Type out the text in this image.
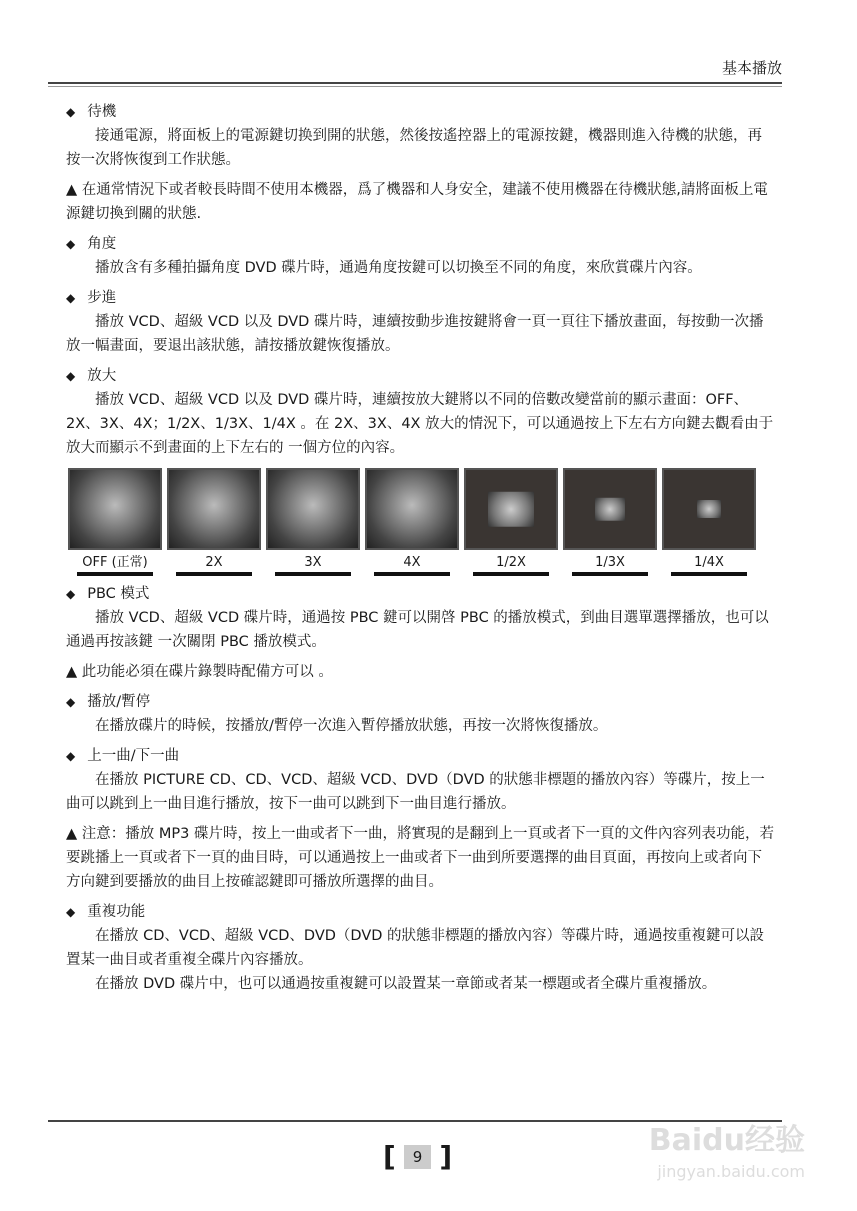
基本播放
◆ 待機
接通電源，將面板上的電源鍵切换到開的狀態，然後按遙控器上的電源按鍵，機器則進入待機的狀態，再按一次將恢復到工作狀態。
▲ 在通常情況下或者較長時間不使用本機器，爲了機器和人身安全，建議不使用機器在待機狀態,請將面板上電源鍵切換到關的狀態.
◆ 角度
播放含有多種拍攝角度 DVD 碟片時，通過角度按鍵可以切換至不同的角度，來欣賞碟片內容。
◆ 步進
播放 VCD、超級 VCD 以及 DVD 碟片時，連續按動步進按鍵將會一頁一頁往下播放畫面，每按動一次播放一幅畫面，要退出該狀態，請按播放鍵恢復播放。
◆ 放大
播放 VCD、超級 VCD 以及 DVD 碟片時，連續按放大鍵將以不同的倍數改變當前的顯示畫面：OFF、2X、3X、4X；1/2X、1/3X、1/4X 。在 2X、3X、4X 放大的情況下，可以通過按上下左右方向鍵去觀看由于放大而顯示不到畫面的上下左右的 一個方位的內容。
OFF (正常)	2X	3X	4X	1/2X	1/3X	1/4X
◆ PBC 模式
播放 VCD、超級 VCD 碟片時，通過按 PBC 鍵可以開啓 PBC 的播放模式，到曲目選單選擇播放，也可以通過再按該鍵 一次關閉 PBC 播放模式。
▲ 此功能必須在碟片錄製時配備方可以 。
◆ 播放/暫停
在播放碟片的時候，按播放/暫停一次進入暫停播放狀態，再按一次將恢復播放。
◆ 上一曲/下一曲
在播放 PICTURE CD、CD、VCD、超級 VCD、DVD（DVD 的狀態非標題的播放內容）等碟片，按上一曲可以跳到上一曲目進行播放，按下一曲可以跳到下一曲目進行播放。
▲ 注意：播放 MP3 碟片時，按上一曲或者下一曲，將實現的是翻到上一頁或者下一頁的文件內容列表功能，若要跳播上一頁或者下一頁的曲目時，可以通過按上一曲或者下一曲到所要選擇的曲目頁面，再按向上或者向下方向鍵到要播放的曲目上按確認鍵即可播放所選擇的曲目。
◆ 重複功能
在播放 CD、VCD、超級 VCD、DVD（DVD 的狀態非標題的播放內容）等碟片時，通過按重複鍵可以設置某一曲目或者重複全碟片內容播放。
在播放 DVD 碟片中，也可以通過按重複鍵可以設置某一章節或者某一標題或者全碟片重複播放。
[	9 ]	Baidu经验
jingyan.baidu.com
